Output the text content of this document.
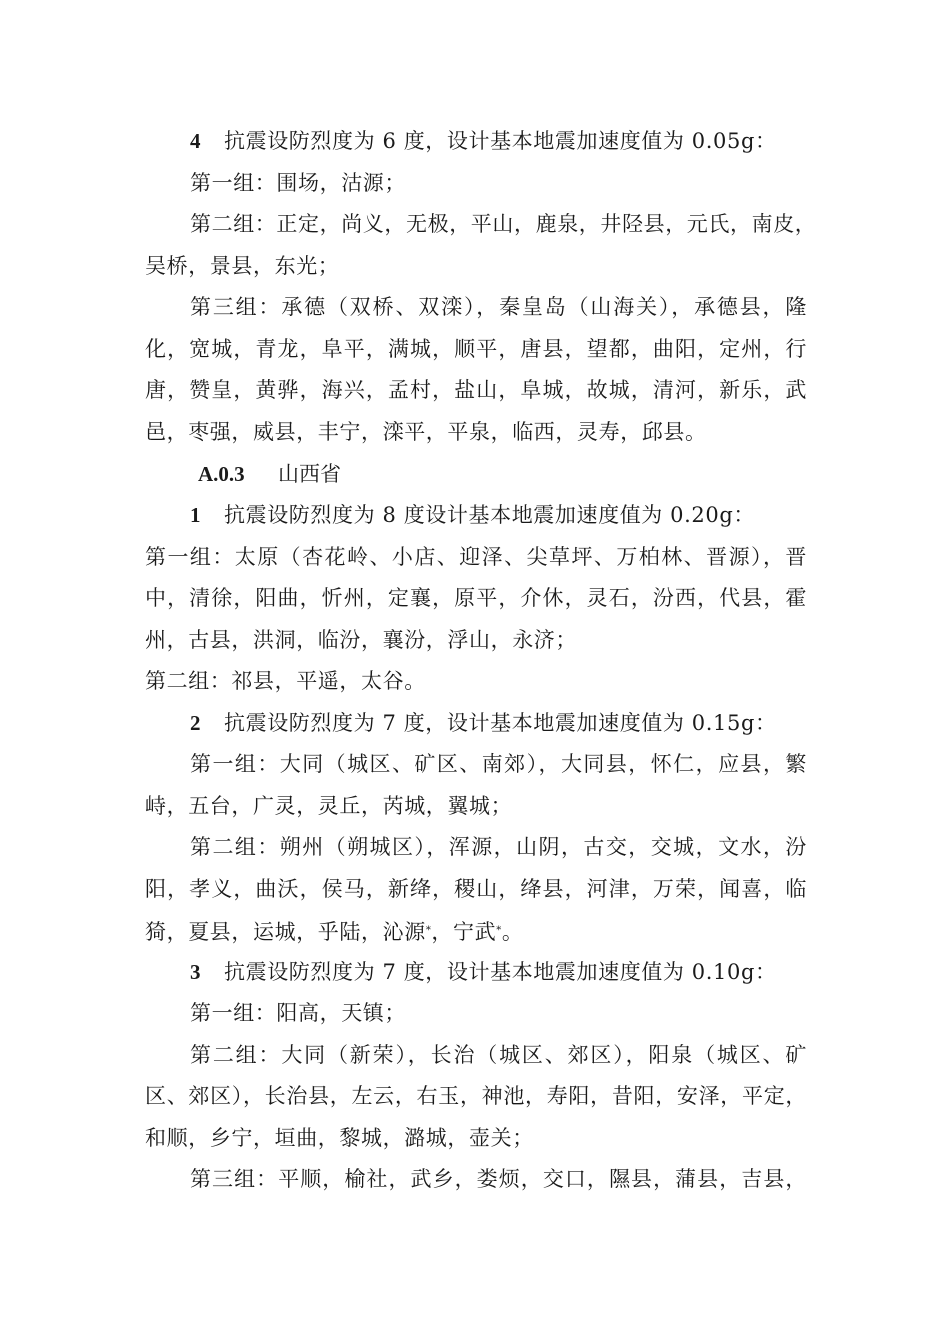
4 抗震设防烈度为 6 度，设计基本地震加速度值为 0.05g：
第一组：围场，沽源；
第二组：正定，尚义，无极，平山，鹿泉，井陉县，元氏，南皮，
吴桥，景县，东光；
第三组：承德（双桥、双滦），秦皇岛（山海关），承德县，隆
化，宽城，青龙，阜平，满城，顺平，唐县，望都，曲阳，定州，行
唐，赞皇，黄骅，海兴，孟村，盐山，阜城，故城，清河，新乐，武
邑，枣强，威县，丰宁，滦平，平泉，临西，灵寿，邱县。
A.0.3 山西省
1 抗震设防烈度为 8 度设计基本地震加速度值为 0.20g：
第一组：太原（杏花岭、小店、迎泽、尖草坪、万柏林、晋源），晋
中，清徐，阳曲，忻州，定襄，原平，介休，灵石，汾西，代县，霍
州，古县，洪洞，临汾，襄汾，浮山，永济；
第二组：祁县，平遥，太谷。
2 抗震设防烈度为 7 度，设计基本地震加速度值为 0.15g：
第一组：大同（城区、矿区、南郊），大同县，怀仁，应县，繁
峙，五台，广灵，灵丘，芮城，翼城；
第二组：朔州（朔城区），浑源，山阴，古交，交城，文水，汾
阳，孝义，曲沃，侯马，新绛，稷山，绛县，河津，万荣，闻喜，临
猗，夏县，运城，乎陆，沁源*，宁武*。
3 抗震设防烈度为 7 度，设计基本地震加速度值为 0.10g：
第一组：阳高，天镇；
第二组：大同（新荣），长治（城区、郊区），阳泉（城区、矿
区、郊区），长治县，左云，右玉，神池，寿阳，昔阳，安泽，平定，
和顺，乡宁，垣曲，黎城，潞城，壶关；
第三组：平顺，榆社，武乡，娄烦，交口，隰县，蒲县，吉县，
